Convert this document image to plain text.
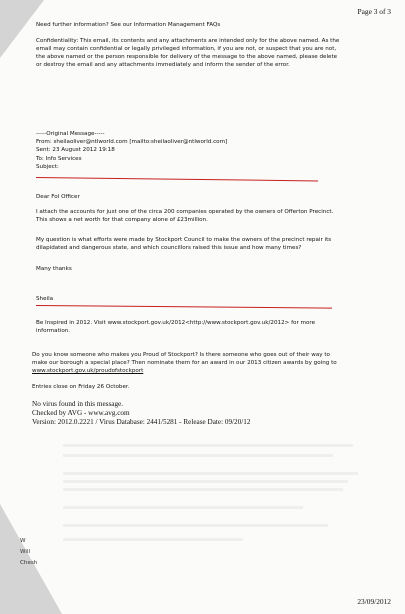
Page 3 of 3
Need further information? See our Information Management FAQs
Confidentiality: This email, its contents and any attachments are intended only for the above named. As the
email may contain confidential or legally privileged information, if you are not, or suspect that you are not,
the above named or the person responsible for delivery of the message to the above named, please delete
or destroy the email and any attachments immediately and inform the sender of the error.
-----Original Message-----
From: sheilaoliver@ntlworld.com [mailto:sheilaoliver@ntlworld.com]
Sent: 23 August 2012 19:18
To: Info Services
Subject:
Dear FoI Officer
I attach the accounts for just one of the circa 200 companies operated by the owners of Offerton Precinct.
This shows a net worth for that company alone of £23million.
My question is what efforts were made by Stockport Council to make the owners of the precinct repair its
dilapidated and dangerous state, and which councillors raised this issue and how many times?
Many thanks
Sheila
Be Inspired in 2012. Visit www.stockport.gov.uk/2012<http://www.stockport.gov.uk/2012> for more
information.
Do you know someone who makes you Proud of Stockport? Is there someone who goes out of their way to
make our borough a special place? Then nominate them for an award in our 2013 citizen awards by going to
www.stockport.gov.uk/proudofstockport
Entries close on Friday 26 October.
No virus found in this message.
Checked by AVG - www.avg.com
Version: 2012.0.2221 / Virus Database: 2441/5281 - Release Date: 09/20/12
W
Will
Chesh
23/09/2012
